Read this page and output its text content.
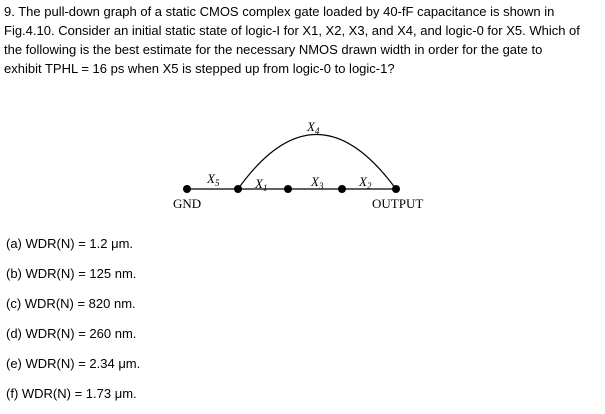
9. The pull-down graph of a static CMOS complex gate loaded by 40-fF capacitance is shown in
Fig.4.10. Consider an initial static state of logic-I for X1, X2, X3, and X4, and logic-0 for X5. Which of
the following is the best estimate for the necessary NMOS drawn width in order for the gate to
exhibit TPHL = 16 ps when X5 is stepped up from logic-0 to logic-1?
GND	OUTPUT
$X_5$	$X_1$	$X_3$	$X_2$
$X_4$
(a) WDR(N) = 1.2 μm.
(b) WDR(N) = 125 nm.
(c) WDR(N) = 820 nm.
(d) WDR(N) = 260 nm.
(e) WDR(N) = 2.34 μm.
(f) WDR(N) = 1.73 μm.
